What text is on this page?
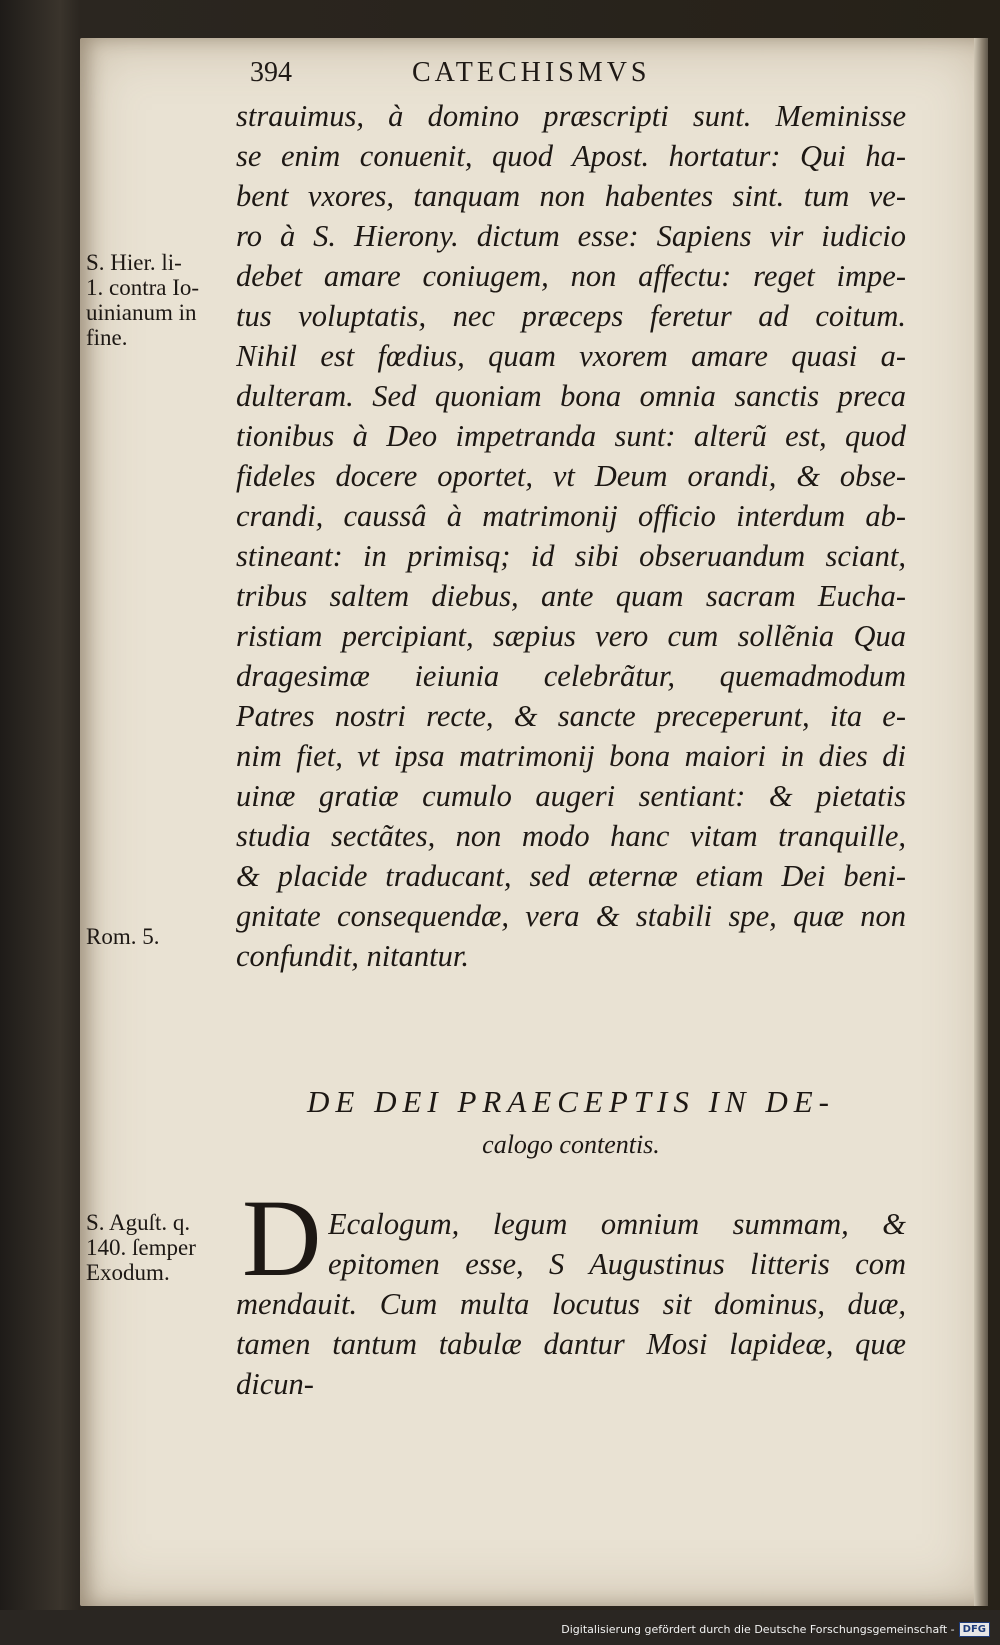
394	CATECHISMVS
strauimus, à domino præscripti sunt. Meminisse
se enim conuenit, quod Apost. hortatur: Qui ha-
bent vxores, tanquam non habentes sint. tum ve-
ro à S. Hierony. dictum esse: Sapiens vir iudicio
debet amare coniugem, non affectu: reget impe-
tus voluptatis, nec præceps feretur ad coitum.
Nihil est fœdius, quam vxorem amare quasi a-
dulteram. Sed quoniam bona omnia sanctis preca
tionibus à Deo impetranda sunt: alterũ est, quod
fideles docere oportet, vt Deum orandi, & obse-
crandi, caussâ à matrimonij officio interdum ab-
stineant: in primisq; id sibi obseruandum sciant,
tribus saltem diebus, ante quam sacram Eucha-
ristiam percipiant, sæpius vero cum sollẽnia Qua
dragesimæ ieiunia celebrãtur, quemadmodum
Patres nostri recte, & sancte preceperunt, ita e-
nim fiet, vt ipsa matrimonij bona maiori in dies di
uinæ gratiæ cumulo augeri sentiant: & pietatis
studia sectãtes, non modo hanc vitam tranquille,
& placide traducant, sed æternæ etiam Dei beni-
gnitate consequendæ, vera & stabili spe, quæ non
confundit, nitantur.
S. Hier. li-
1. contra Io-
uinianum in
fine.
Rom. 5.
DE DEI PRAECEPTIS IN DE-
calogo contentis.
S. Aguſt. q.
140. ſemper
Exodum. D Ecalogum, legum omnium summam, &
epitomen esse, S Augustinus litteris com
mendauit. Cum multa locutus sit dominus, duæ,
tamen tantum tabulæ dantur Mosi lapideæ, quæ
dicun-
Digitalisierung gefördert durch die Deutsche Forschungsgemeinschaft - DFG
